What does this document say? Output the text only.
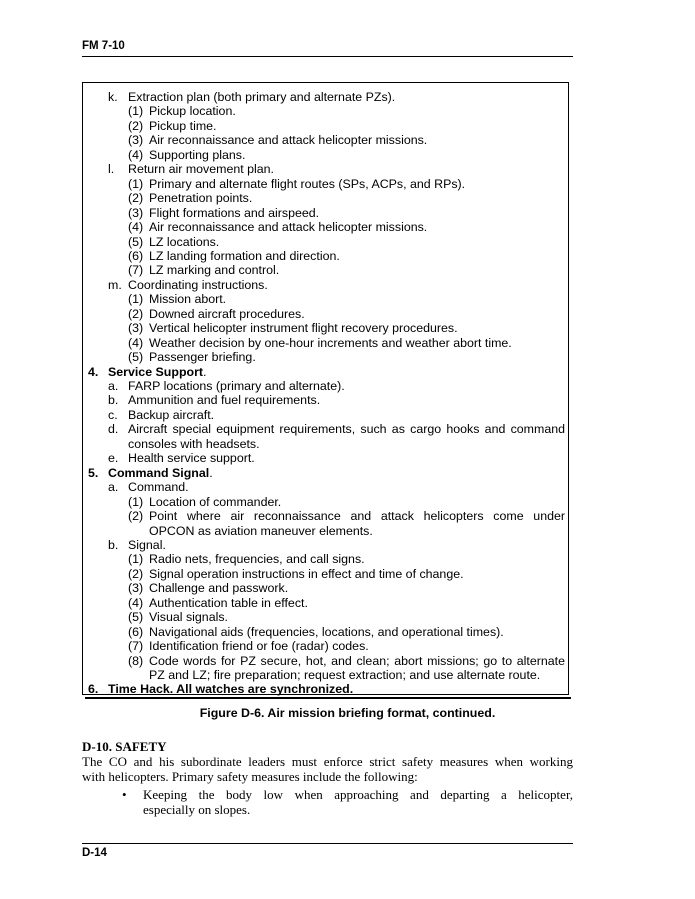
FM 7-10
k. Extraction plan (both primary and alternate PZs).
(1) Pickup location.
(2) Pickup time.
(3) Air reconnaissance and attack helicopter missions.
(4) Supporting plans.
l. Return air movement plan.
(1) Primary and alternate flight routes (SPs, ACPs, and RPs).
(2) Penetration points.
(3) Flight formations and airspeed.
(4) Air reconnaissance and attack helicopter missions.
(5) LZ locations.
(6) LZ landing formation and direction.
(7) LZ marking and control.
m. Coordinating instructions.
(1) Mission abort.
(2) Downed aircraft procedures.
(3) Vertical helicopter instrument flight recovery procedures.
(4) Weather decision by one-hour increments and weather abort time.
(5) Passenger briefing.
4. Service Support.
a. FARP locations (primary and alternate).
b. Ammunition and fuel requirements.
c. Backup aircraft.
d. Aircraft special equipment requirements, such as cargo hooks and command
consoles with headsets.
e. Health service support.
5. Command Signal.
a. Command.
(1) Location of commander.
(2) Point where air reconnaissance and attack helicopters come under
OPCON as aviation maneuver elements.
b. Signal.
(1) Radio nets, frequencies, and call signs.
(2) Signal operation instructions in effect and time of change.
(3) Challenge and passwork.
(4) Authentication table in effect.
(5) Visual signals.
(6) Navigational aids (frequencies, locations, and operational times).
(7) Identification friend or foe (radar) codes.
(8) Code words for PZ secure, hot, and clean; abort missions; go to alternate
PZ and LZ; fire preparation; request extraction; and use alternate route.
6. Time Hack. All watches are synchronized.
Figure D-6. Air mission briefing format, continued.
D-10. SAFETY
The CO and his subordinate leaders must enforce strict safety measures when working
with helicopters. Primary safety measures include the following:
• Keeping the body low when approaching and departing a helicopter,
especially on slopes.
D-14
